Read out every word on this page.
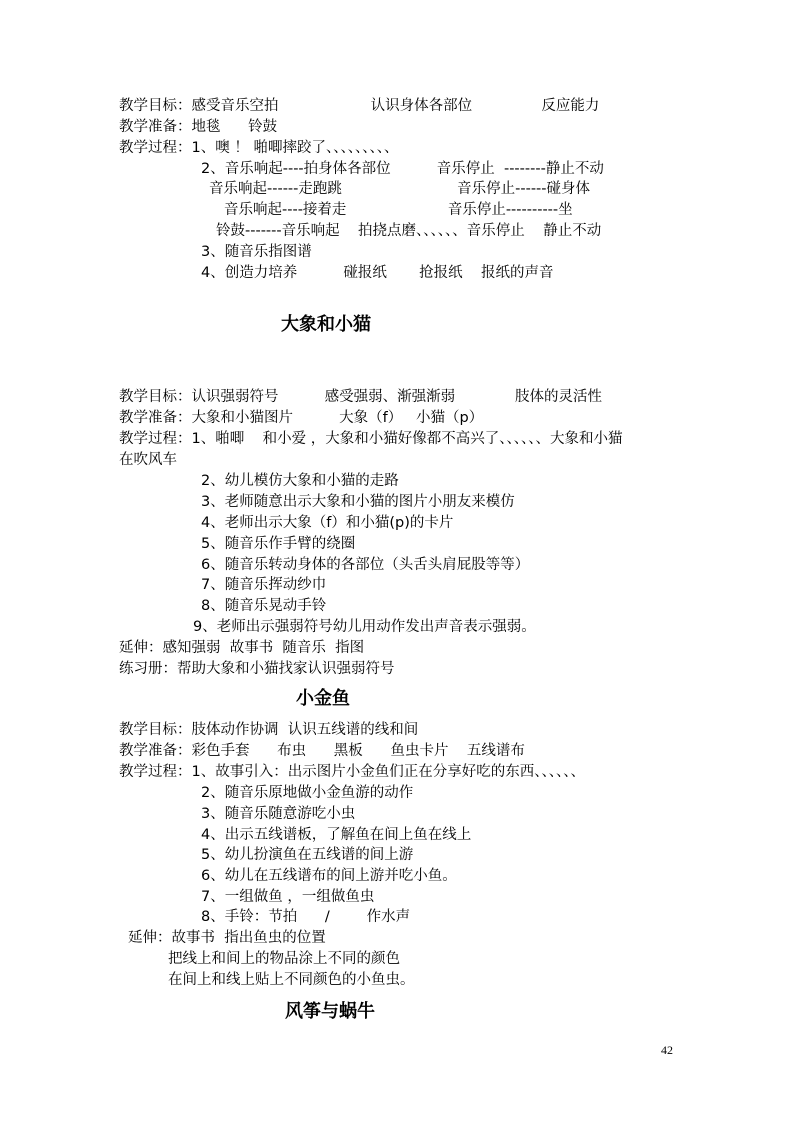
教学目标：感受音乐空拍                    认识身体各部位               反应能力
教学准备：地毯      铃鼓
教学过程：1、噢 ！ 啪唧摔跤了、、、、、、、、、
2、音乐响起----拍身体各部位          音乐停止  --------静止不动
音乐响起------走跑跳                         音乐停止------碰身体
音乐响起----接着走                      音乐停止----------坐
铃鼓-------音乐响起    拍挠点磨、、、、、、音乐停止    静止不动
3、随音乐指图谱
4、创造力培养          碰报纸       抢报纸    报纸的声音
大象和小猫
教学目标：认识强弱符号          感受强弱、渐强渐弱             肢体的灵活性
教学准备：大象和小猫图片          大象（f）   小猫（p）
教学过程：1、啪唧    和小爱 ，大象和小猫好像都不高兴了、、、、、、大象和小猫
在吹风车
2、幼儿模仿大象和小猫的走路
3、老师随意出示大象和小猫的图片小朋友来模仿
4、老师出示大象（f）和小猫(p)的卡片
5、随音乐作手臂的绕圈
6、随音乐转动身体的各部位（头舌头肩屁股等等）
7、随音乐挥动纱巾
8、随音乐晃动手铃
9、老师出示强弱符号幼儿用动作发出声音表示强弱。
延伸：感知强弱  故事书  随音乐  指图
练习册：帮助大象和小猫找家认识强弱符号
小金鱼
教学目标：肢体动作协调  认识五线谱的线和间
教学准备：彩色手套      布虫      黑板      鱼虫卡片    五线谱布
教学过程：1、故事引入：出示图片小金鱼们正在分享好吃的东西、、、、、、
2、随音乐原地做小金鱼游的动作
3、随音乐随意游吃小虫
4、出示五线谱板，了解鱼在间上鱼在线上
5、幼儿扮演鱼在五线谱的间上游
6、幼儿在五线谱布的间上游并吃小鱼。
7、一组做鱼 ，一组做鱼虫
8、手铃：节拍      /        作水声
延伸：故事书  指出鱼虫的位置
把线上和间上的物品涂上不同的颜色
在间上和线上贴上不同颜色的小鱼虫。
风筝与蜗牛
42
